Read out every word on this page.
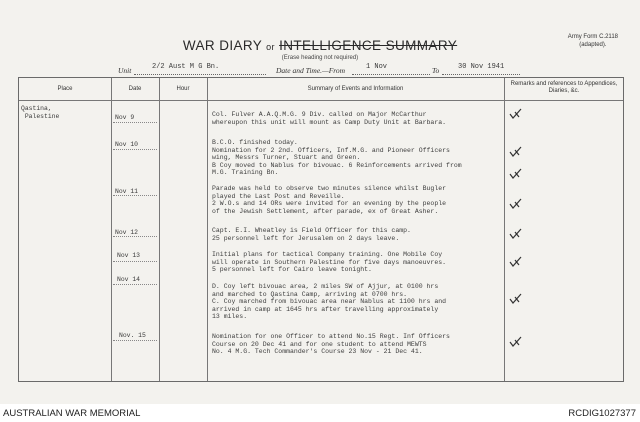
Army Form C.2118
(adapted).
WAR DIARY or INTELLIGENCE SUMMARY
(Erase heading not required)
Unit	2/2 Aust M G Bn.	Date and Time.—From	1 Nov	To	30 Nov 1941
Place	Date	Hour	Summary of Events and Information
Remarks and references to Appendices, Diaries, &c.
Qastina,
Palestine	Nov 9	Col. Fulver A.A.Q.M.G. 9 Div. called on Major McCarthur
whereupon this unit will mount as Camp Duty Unit at Barbara.
Nov 10	B.C.O. finished today.
Nomination for 2 2nd. Officers, Inf.M.G. and Pioneer Officers
wing, Messrs Turner, Stuart and Green.
B Coy moved to Nablus for bivouac. 6 Reinforcements arrived from
M.G. Training Bn.
Nov 11	Parade was held to observe two minutes silence whilst Bugler
played the Last Post and Reveille.
2 W.O.s and 14 ORs were invited for an evening by the people
of the Jewish Settlement, after parade, ex of Great Asher.
Nov 12	Capt. E.I. Wheatley is Field Officer for this camp.
25 personnel left for Jerusalem on 2 days leave.
Nov 13	Initial plans for tactical Company training. One Mobile Coy
will operate in Southern Palestine for five days manoeuvres.
5 personnel left for Cairo leave tonight.
Nov 14
D. Coy left bivouac area, 2 miles SW of Ajjur, at 0100 hrs
and marched to Qastina Camp, arriving at 0700 hrs.
C. Coy marched from bivouac area near Nablus at 1100 hrs and
arrived in camp at 1645 hrs after travelling approximately
13 miles.
Nov. 15	Nomination for one Officer to attend No.15 Regt. Inf Officers
Course on 20 Dec 41 and for one student to attend MEWTS
No. 4 M.G. Tech Commander's Course 23 Nov - 21 Dec 41.
AUSTRALIAN WAR MEMORIAL	RCDIG1027377
